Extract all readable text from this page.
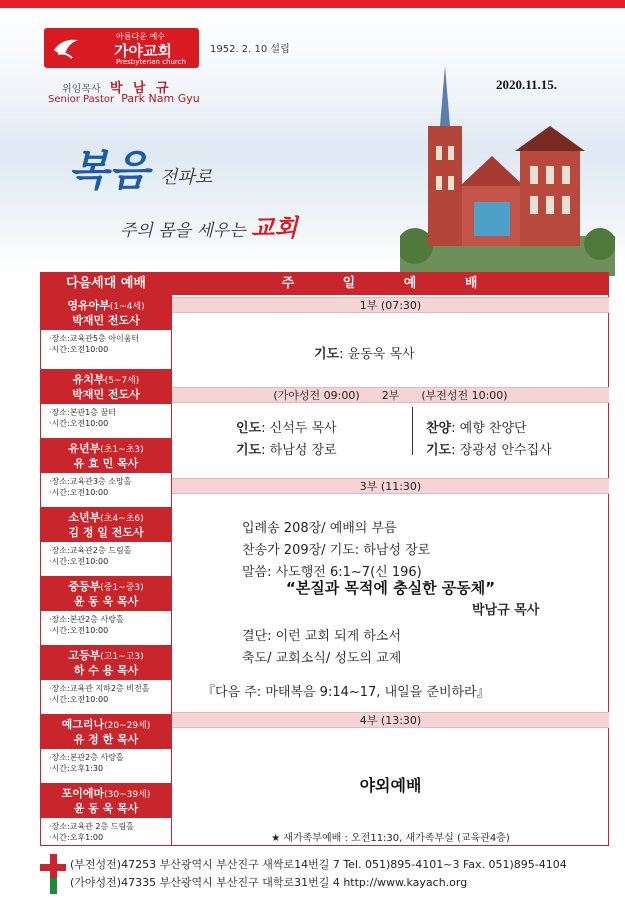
아름다운 예수
가야교회
Presbyterian church
1952. 2. 10 설립
위임목사 박 남 규
Senior Pastor Park Nam Gyu
2020.11.15.
복음 전파로
주의 몸을 세우는 교회
다음세대 예배
영유아부(1~4세)
박재민 전도사
·장소:교육관5층 아이움터
·시간:오전10:00
유치부(5~7세)
박재민 전도사
·장소:본관1층 꿈터
·시간:오전10:00
유년부(초1~초3)
유 효 민 목사
·장소:교육관3층 소망홀
·시간:오전10:00
소년부(초4~초6)
김 정 일 전도사
·장소:교육관2층 드림홀
·시간:오전10:00
중등부(중1~중3)
윤 동 욱 목사
·장소:본관2층 사랑홀
·시간:오전10:00
고등부(고1~고3)
하 수 용 목사
·장소:교육관 지하2층 비전홀
·시간:오전10:00
예그리나(20~29세)
유 정 한 목사
·장소:본관2층 사랑홀
·시간:오후1:30
포이에마(30~39세)
윤 동 욱 목사
·장소:교육관 2층 드림홀
·시간:오후1:00
주 일 예 배
1부 (07:30)
기도: 윤동욱 목사
(가야성전 09:00) 2부 (부전성전 10:00)
인도: 신석두 목사
기도: 하남성 장로
찬양: 예향 찬양단
기도: 장광성 안수집사
3부 (11:30)
입례송 208장/ 예배의 부름
찬송가 209장/ 기도: 하남성 장로
말씀: 사도행전 6:1~7(신 196)
“본질과 목적에 충실한 공동체”
박남규 목사
결단: 이런 교회 되게 하소서
축도/ 교회소식/ 성도의 교제
『다음 주: 마태복음 9:14~17, 내일을 준비하라』
4부 (13:30)
야외예배
★ 새가족부예배 : 오전11:30, 새가족부실 (교육관4층)
(부전성전)47253 부산광역시 부산진구 새싹로14번길 7 Tel. 051)895-4101~3 Fax. 051)895-4104
(가야성전)47335 부산광역시 부산진구 대학로31번길 4 http://www.kayach.org
